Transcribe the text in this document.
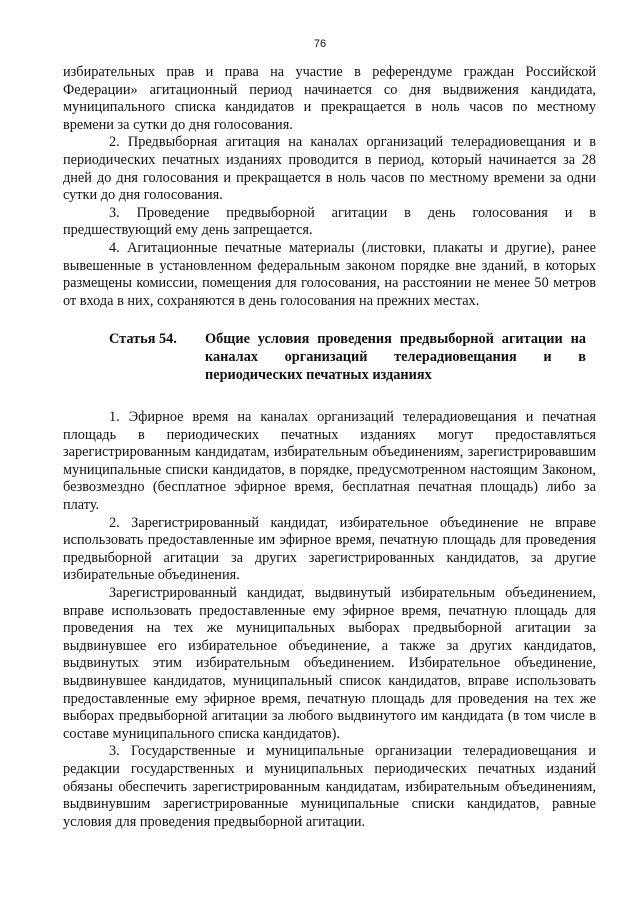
76

избирательных прав и права на участие в референдуме граждан Российской Федерации» агитационный период начинается со дня выдвижения кандидата, муниципального списка кандидатов и прекращается в ноль часов по местному времени за сутки до дня голосования.

2. Предвыборная агитация на каналах организаций телерадиовещания и в периодических печатных изданиях проводится в период, который начинается за 28 дней до дня голосования и прекращается в ноль часов по местному времени за одни сутки до дня голосования.

3. Проведение предвыборной агитации в день голосования и в предшествующий ему день запрещается.

4. Агитационные печатные материалы (листовки, плакаты и другие), ранее вывешенные в установленном федеральным законом порядке вне зданий, в которых размещены комиссии, помещения для голосования, на расстоянии не менее 50 метров от входа в них, сохраняются в день голосования на прежних местах.

Статья 54.	Общие условия проведения предвыборной агитации на каналах организаций телерадиовещания и в периодических печатных изданиях

1. Эфирное время на каналах организаций телерадиовещания и печатная площадь в периодических печатных изданиях могут предоставляться зарегистрированным кандидатам, избирательным объединениям, зарегистрировавшим муниципальные списки кандидатов, в порядке, предусмотренном настоящим Законом, безвозмездно (бесплатное эфирное время, бесплатная печатная площадь) либо за плату.

2. Зарегистрированный кандидат, избирательное объединение не вправе использовать предоставленные им эфирное время, печатную площадь для проведения предвыборной агитации за других зарегистрированных кандидатов, за другие избирательные объединения.

Зарегистрированный кандидат, выдвинутый избирательным объединением, вправе использовать предоставленные ему эфирное время, печатную площадь для проведения на тех же муниципальных выборах предвыборной агитации за выдвинувшее его избирательное объединение, а также за других кандидатов, выдвинутых этим избирательным объединением. Избирательное объединение, выдвинувшее кандидатов, муниципальный список кандидатов, вправе использовать предоставленные ему эфирное время, печатную площадь для проведения на тех же выборах предвыборной агитации за любого выдвинутого им кандидата (в том числе в составе муниципального списка кандидатов).

3. Государственные и муниципальные организации телерадиовещания и редакции государственных и муниципальных периодических печатных изданий обязаны обеспечить зарегистрированным кандидатам, избирательным объединениям, выдвинувшим зарегистрированные муниципальные списки кандидатов, равные условия для проведения предвыборной агитации.
